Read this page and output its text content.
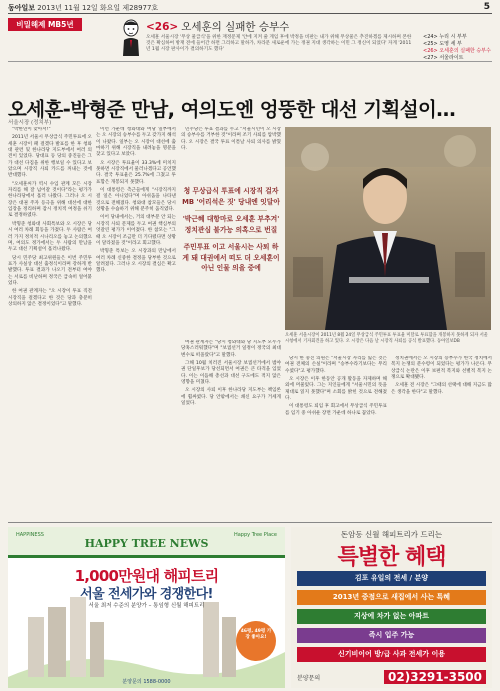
동아일보 2013년 11월 12일 화요일 제28977호	5
비밀해제 MB5년	<26> 오세훈의 실패한 승부수
오세훈 서울시장 '무상 물급식'을 위한 재정문제 '안에 지켜 줄 게임 후에 박정을 비판는 내가 위해 무상물은 추진하겠를 제시하며 본한 것은 확심하여 방재 전에 들어간 하면 그리하고 말하가, 차라문 새로운에 가는 정권 지대 생각하는 이민 그 정신이 되었다' 자게 '2011년 1월 시장 판사이가 결의하기도 했다'
<24> 누리 시 부부
<25> 도영 세 부
<26> 오세훈의 실패한 승부수
<27> 서울라이트
오세훈-박형준 만남, 여의도엔 엉뚱한 대선 기획설이…
서울시장 (정치부)

"박한연이 맞아서!"

2011년 서울시 무상급식 주민투표에 오세훈 시장이 패 걸겠다 발표를 한 후 청와대 관련 및 한나라당 지도부에서 여러 의견이 있었다. 당대표 등 당의 중진들은 그가 대선 다짐을 위한 행보일 수 있다고 보았으며 시장직 사퇴 카드를 꺼내는 것에 반대했다.

"오세훈씨가 역시 수입 관계 모든 시장 자리를 해 잘 넘어갈 것이다"라는 평가가 한나라당에서 흘러 나왔다. 그러나 오 시장은 대권 주자 등극을 위해 대선에 대한 입장을 정리하며 잠시 정치적 여정을 쉬기로 결정하였다.

박형준 청와대 사회특보와 오 시장은 당시 여러 차례 회동을 가졌다. 두 사람은 여러 가지 정치적 시나리오를 놓고 논의했으며, 여의도 정가에서는 두 사람의 만남을 두고 대선 기획설이 흘러나왔다.

당시 민주당 최고위원들은 이번 주민투표가 사실상 대선 출정식이라며 강하게 반발했다. 투표 결과가 나오기 전부터 여야는 서로를 비난하며 정국은 급속히 얼어붙었다.

한 여권 관계자는 "오 시장이 투표 직전 시장직을 걸겠다고 한 것은 당과 충분히 상의하지 않은 결정이었다"고 말했다.

이런 가운데 청와대와 여당 일부에서는 오 시장의 승부수를 두고 갖가지 해석이 나왔다. 일부는 오 시장이 대선에 출마하기 위해 시장직을 내려놓을 명분을 찾고 있다고 보았다.

오 시장은 투표율이 33.3%에 미치지 못하면 시장직에서 물러나겠다고 공언했다. 결국 투표율은 25.7%에 그쳤고 투표함은 개봉되지 못했다.

이 대통령은 측근들에게 "시장직까지 걸 일은 아니었다"며 아쉬움을 나타낸 것으로 전해졌다. 청와대 참모들은 당시 상황을 수습하기 위해 분주히 움직였다.

이어 당내에서는, 거의 대부분 안 되는 시장직 사퇴 문제를 두고 여권 핵심부의 엇갈린 평가가 이어졌다. 한 참모는 "그때 오 시장이 조금만 더 기다렸다면 상황이 달라졌을 것"이라고 회고했다.

박형준 특보는 오 시장과의 만남에서 여러 차례 신중한 결정을 당부한 것으로 알려졌다. 그러나 오 시장의 결심은 확고했다.

청 무상급식 투표에 시장직 걸자 MB '어리석은 짓' 당내엔 잇달아
'박근혜 대항마로 오세훈 부추겨' 정치관심 불가능 의혹으로 번질
주민투표 이고 서울시는 사퇴 하게 돼 대권에서 떠도 더 오세훈이 아닌 인물 의을 중에

민주당은 투표 결과를 두고 "서울시민이 오 시장의 승부수를 거부한 것"이라며 조기 사퇴를 압박했다. 오 시장은 결국 투표 이튿날 사퇴 의사를 밝혔다.

여권 관계자는 "당시 청와대와 당 지도부 모두가 당혹스러워했다"며 "보궐선거 일정이 정국의 최대 변수로 떠올랐다"고 말했다.

그해 10월 치러진 서울시장 보궐선거에서 범야권 단일후보가 당선되면서 여권은 큰 타격을 입었다. 이는 이듬해 총선과 대선 구도에도 적지 않은 영향을 미쳤다.

오 시장의 사퇴 이후 한나라당 지도부는 책임론에 휩싸였다. 당 안팎에서는 쇄신 요구가 거세게 일었다.

오세훈 서울시장이 2011년 8월 24일 무상급식 주민투표 투표율 미달로 투표함을 개봉하지 못하게 되자 서울시청에서 기자회견을 하고 있다. 오 시장은 다음 날 시장직 사퇴를 공식 발표했다. 동아일보DB

당시 한 중진 의원은 "서울시장 자리를 잃은 것은 여권 전체의 손실"이라며 "승부수라기보다는 무리수였다"고 평가했다.

오 시장은 이후 한동안 공개 활동을 자제하며 해외에 머물렀다. 그는 지인들에게 "서울시민의 뜻을 제대로 읽지 못했다"며 소회를 밝힌 것으로 전해졌다.

이 대통령도 퇴임 후 회고에서 무상급식 주민투표를 임기 중 아쉬운 장면 가운데 하나로 꼽았다.

정치권에서는 오 시장의 승부수가 한국 정치에서 복지 논쟁의 분수령이 되었다는 평가가 나온다. 무상급식 논란은 이후 보편적 복지와 선별적 복지 논쟁으로 확대됐다.

오세훈 전 시장은 "그때의 선택에 대해 지금도 많은 생각을 한다"고 말했다.

HAPPINESS
HAPPY TREE NEWS
Happy Tree Place
1,000만원대 해피트리
서울 전세가와 경쟁한다!
서울 최저 수준의 분양가 – 통임형 신월 해피트리
46평, 49평 가장 좋아요!
분양문의 1588-0000
돈암동 신월 해피트리가 드리는
특별한 혜택
김포 유일의 전세 / 분양
2013년 중점으로 새집에서 사는 특혜
지상에 차가 없는 아파트
즉시 입주 가능
신기비이어 방/급 사과 전세가 이용
분양문의	02)3291-3500
